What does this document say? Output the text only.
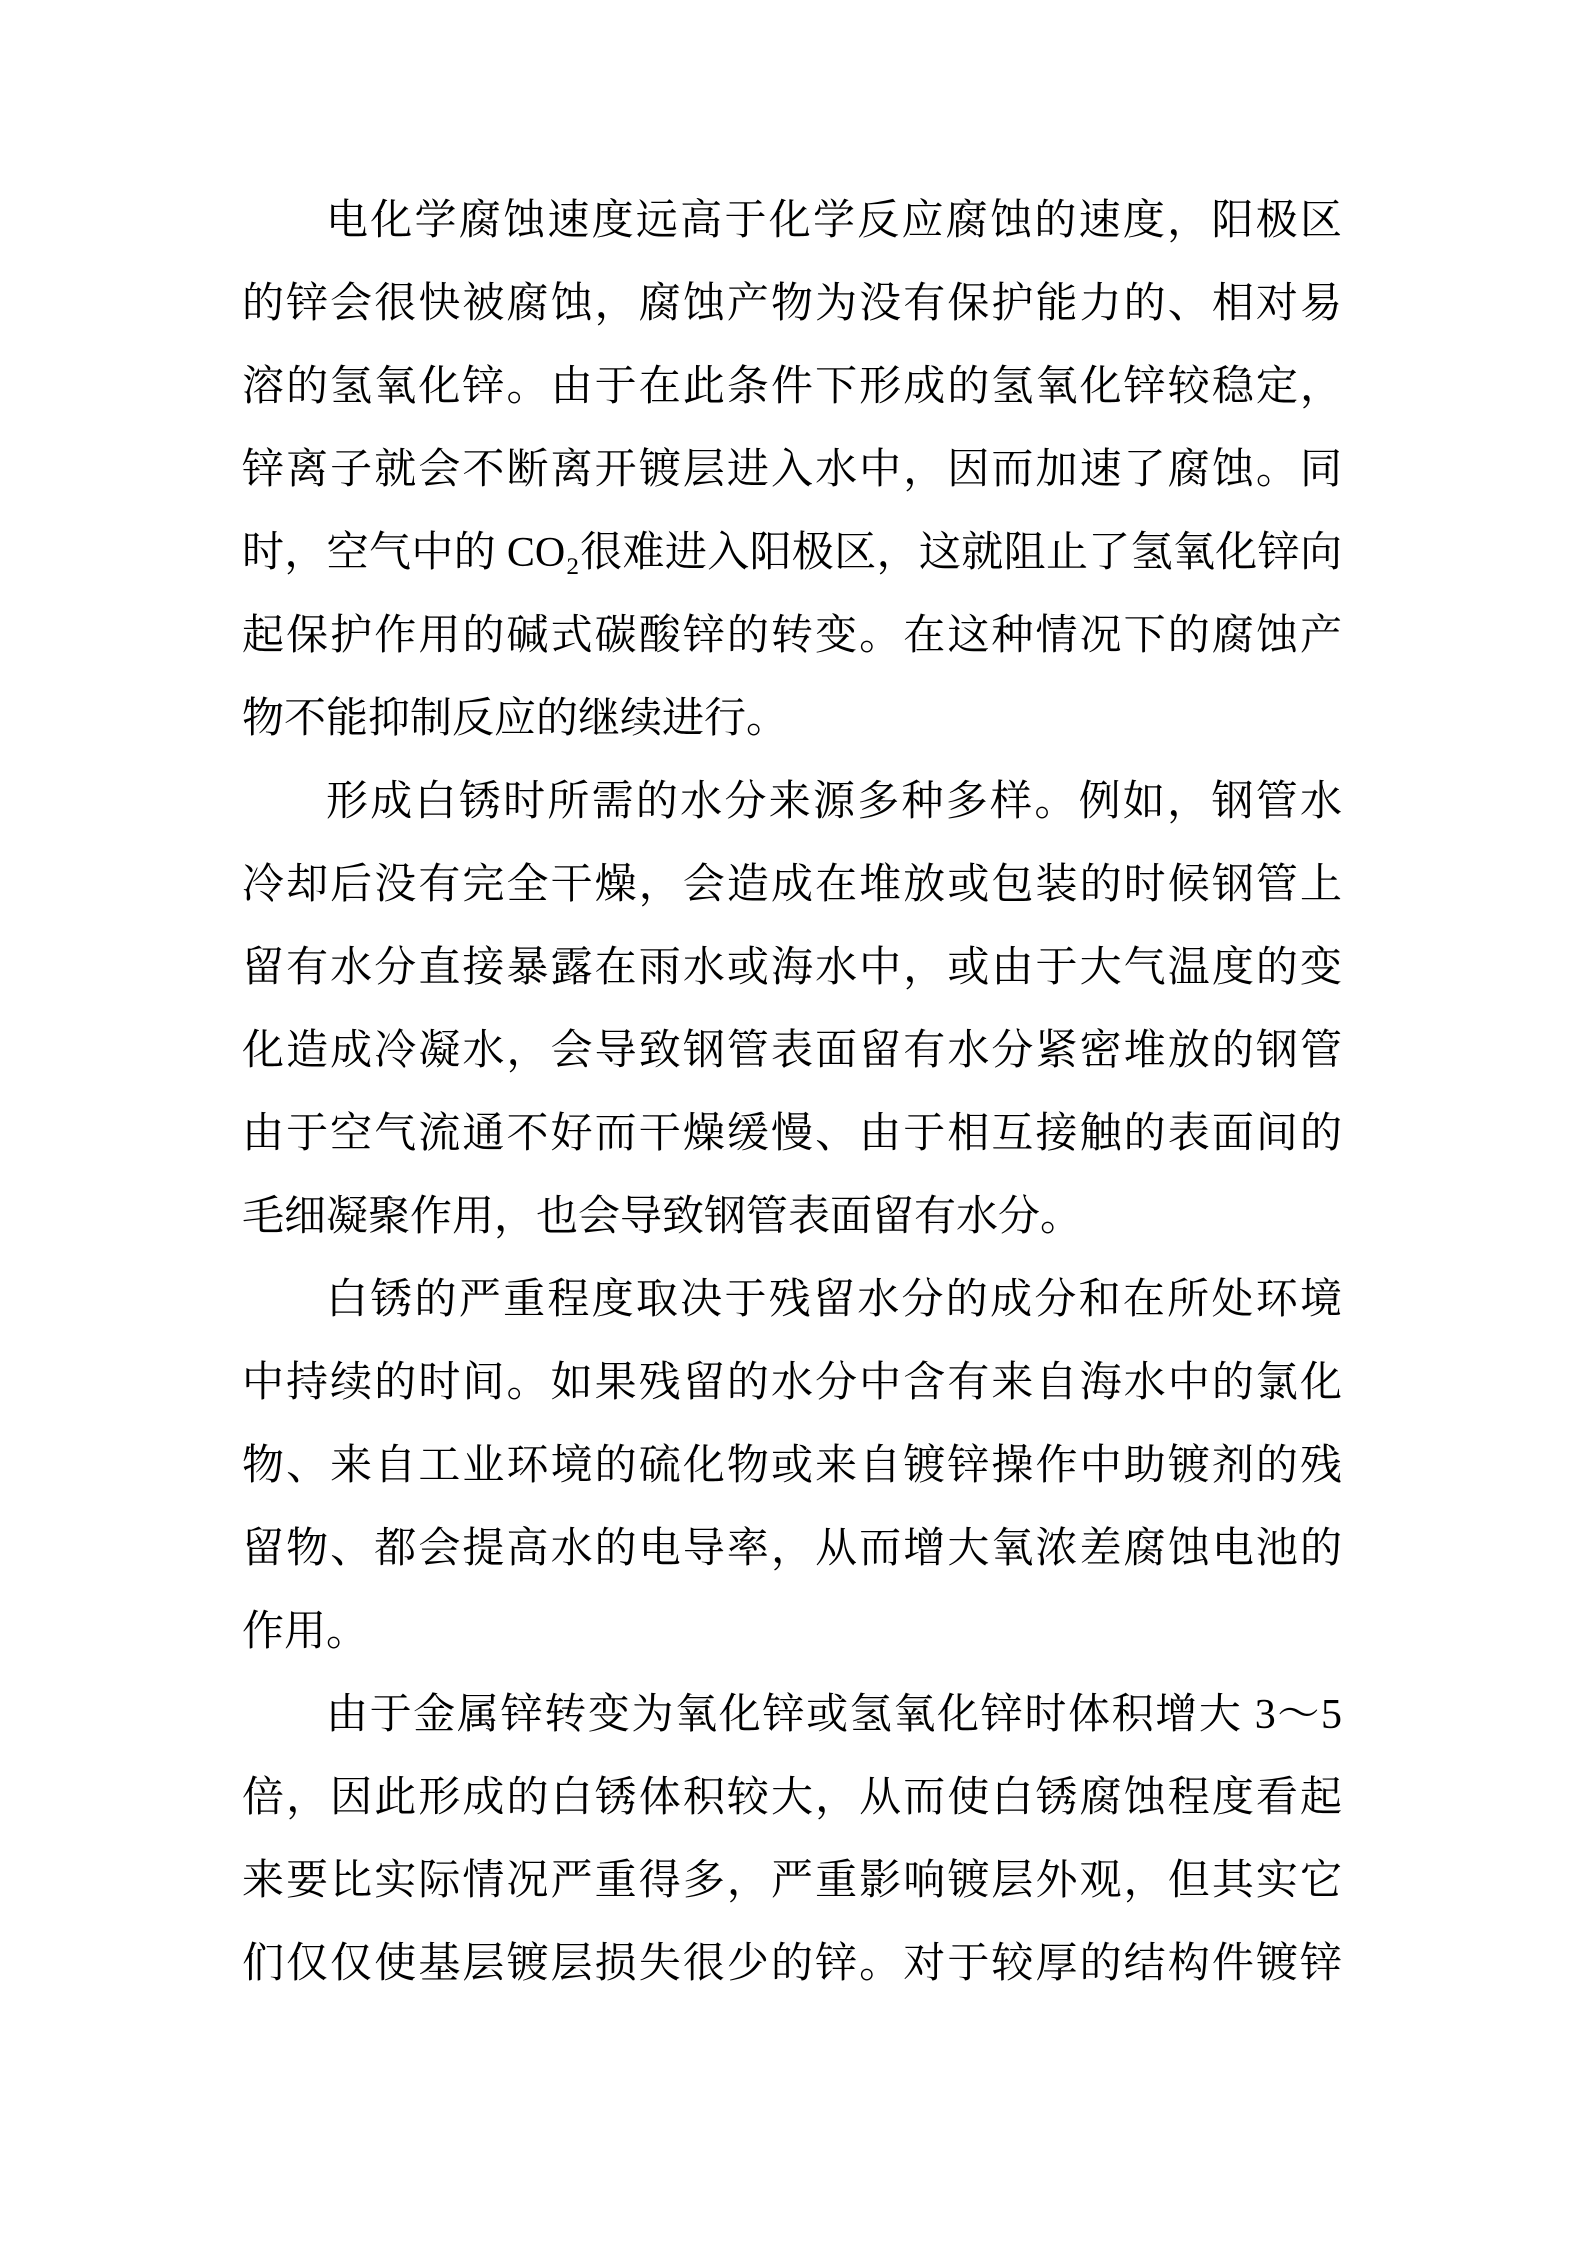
电化学腐蚀速度远高于化学反应腐蚀的速度，阳极区
的锌会很快被腐蚀，腐蚀产物为没有保护能力的、相对易
溶的氢氧化锌。由于在此条件下形成的氢氧化锌较稳定，
锌离子就会不断离开镀层进入水中，因而加速了腐蚀。同
时，空气中的 CO₂很难进入阳极区，这就阻止了氢氧化锌向
起保护作用的碱式碳酸锌的转变。在这种情况下的腐蚀产
物不能抑制反应的继续进行。
形成白锈时所需的水分来源多种多样。例如，钢管水
冷却后没有完全干燥，会造成在堆放或包装的时候钢管上
留有水分直接暴露在雨水或海水中，或由于大气温度的变
化造成冷凝水，会导致钢管表面留有水分紧密堆放的钢管
由于空气流通不好而干燥缓慢、由于相互接触的表面间的
毛细凝聚作用，也会导致钢管表面留有水分。
白锈的严重程度取决于残留水分的成分和在所处环境
中持续的时间。如果残留的水分中含有来自海水中的氯化
物、来自工业环境的硫化物或来自镀锌操作中助镀剂的残
留物、都会提高水的电导率，从而增大氧浓差腐蚀电池的
作用。
由于金属锌转变为氧化锌或氢氧化锌时体积增大 3～5
倍，因此形成的白锈体积较大，从而使白锈腐蚀程度看起
来要比实际情况严重得多，严重影响镀层外观，但其实它
们仅仅使基层镀层损失很少的锌。对于较厚的结构件镀锌
